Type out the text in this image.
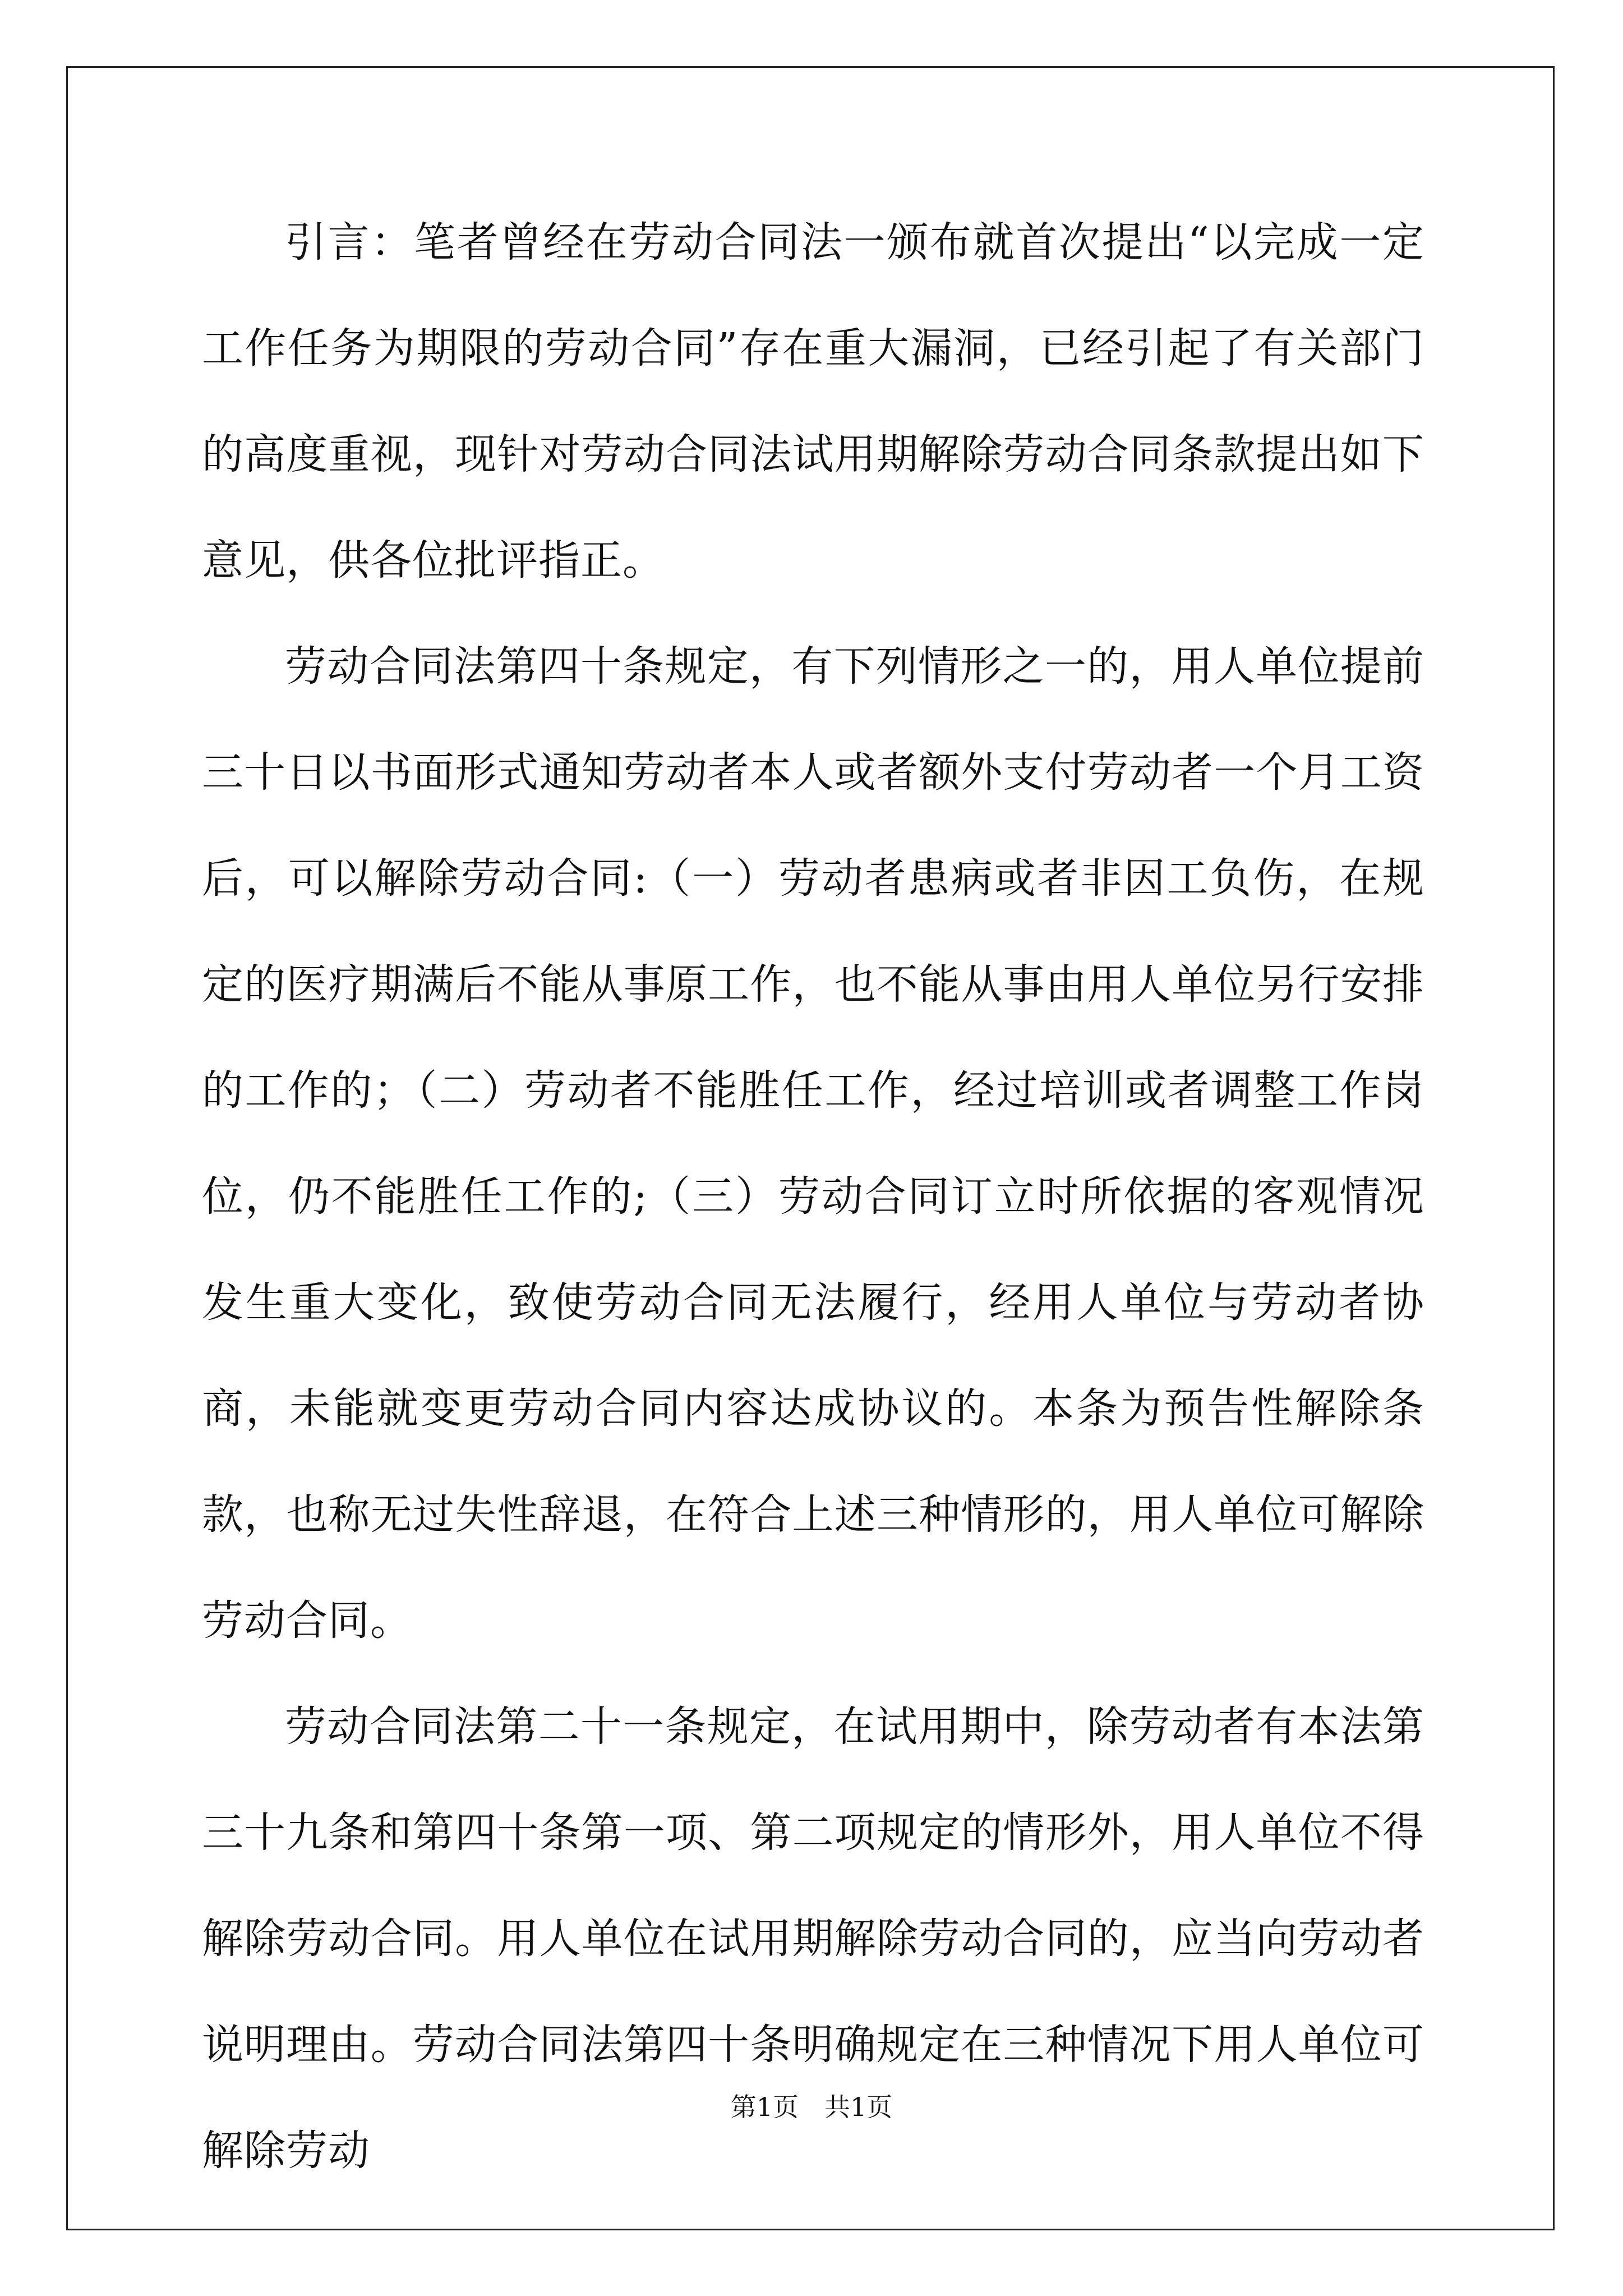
引言：笔者曾经在劳动合同法一颁布就首次提出“以完成一定工作任务为期限的劳动合同”存在重大漏洞，已经引起了有关部门的高度重视，现针对劳动合同法试用期解除劳动合同条款提出如下意见，供各位批评指正。

劳动合同法第四十条规定，有下列情形之一的，用人单位提前三十日以书面形式通知劳动者本人或者额外支付劳动者一个月工资后，可以解除劳动合同:（一）劳动者患病或者非因工负伤，在规定的医疗期满后不能从事原工作，也不能从事由用人单位另行安排的工作的；（二）劳动者不能胜任工作，经过培训或者调整工作岗位，仍不能胜任工作的;（三）劳动合同订立时所依据的客观情况发生重大变化，致使劳动合同无法履行，经用人单位与劳动者协商，未能就变更劳动合同内容达成协议的。本条为预告性解除条款，也称无过失性辞退，在符合上述三种情形的，用人单位可解除劳动合同。

劳动合同法第二十一条规定，在试用期中，除劳动者有本法第三十九条和第四十条第一项、第二项规定的情形外，用人单位不得解除劳动合同。用人单位在试用期解除劳动合同的，应当向劳动者说明理由。劳动合同法第四十条明确规定在三种情况下用人单位可解除劳动

第1页 共1页
